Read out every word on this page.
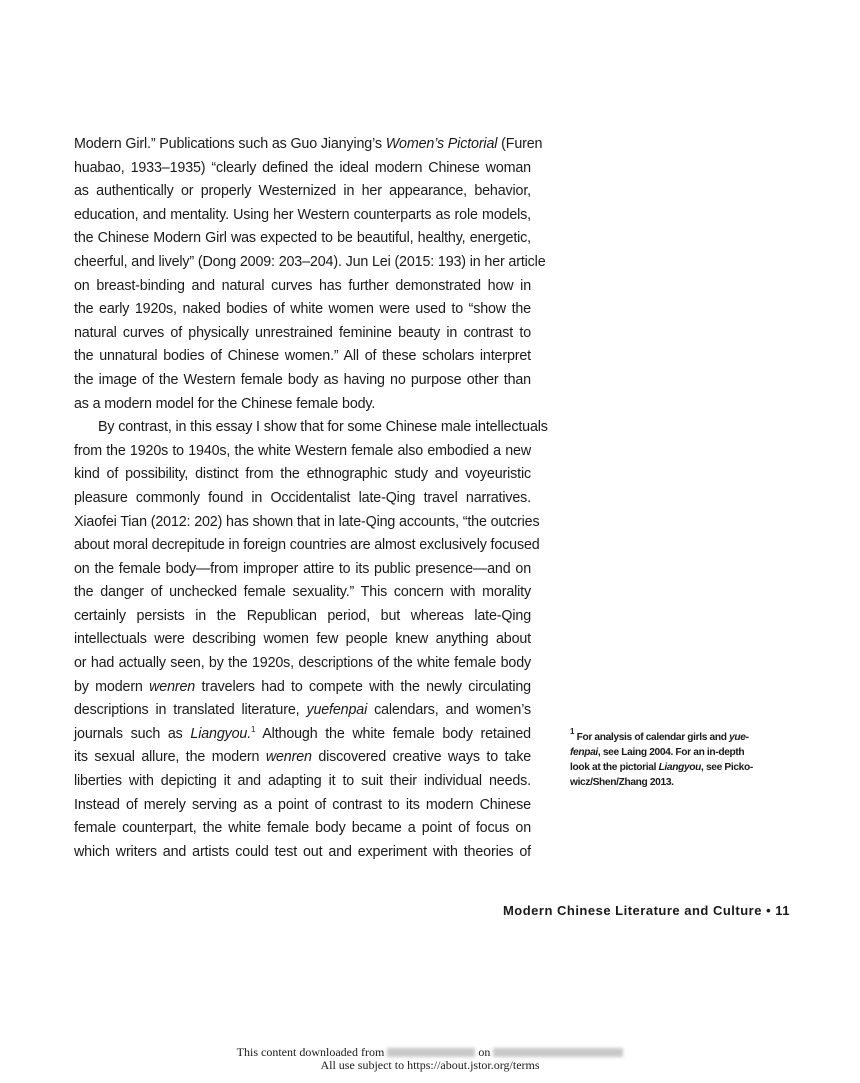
Modern Girl.” Publications such as Guo Jianying’s Women’s Pictorial (Furen
huabao, 1933–1935) “clearly defined the ideal modern Chinese woman
as authentically or properly Westernized in her appearance, behavior,
education, and mentality. Using her Western counterparts as role models,
the Chinese Modern Girl was expected to be beautiful, healthy, energetic,
cheerful, and lively” (Dong 2009: 203–204). Jun Lei (2015: 193) in her article
on breast-binding and natural curves has further demonstrated how in
the early 1920s, naked bodies of white women were used to “show the
natural curves of physically unrestrained feminine beauty in contrast to
the unnatural bodies of Chinese women.” All of these scholars interpret
the image of the Western female body as having no purpose other than
as a modern model for the Chinese female body.
By contrast, in this essay I show that for some Chinese male intellectuals
from the 1920s to 1940s, the white Western female also embodied a new
kind of possibility, distinct from the ethnographic study and voyeuristic
pleasure commonly found in Occidentalist late-Qing travel narratives.
Xiaofei Tian (2012: 202) has shown that in late-Qing accounts, “the outcries
about moral decrepitude in foreign countries are almost exclusively focused
on the female body—from improper attire to its public presence—and on
the danger of unchecked female sexuality.” This concern with morality
certainly persists in the Republican period, but whereas late-Qing
intellectuals were describing women few people knew anything about
or had actually seen, by the 1920s, descriptions of the white female body
by modern wenren travelers had to compete with the newly circulating
descriptions in translated literature, yuefenpai calendars, and women’s
journals such as Liangyou.$^1$ Although the white female body retained
its sexual allure, the modern wenren discovered creative ways to take
liberties with depicting it and adapting it to suit their individual needs.
Instead of merely serving as a point of contrast to its modern Chinese
female counterpart, the white female body became a point of focus on
which writers and artists could test out and experiment with theories of
$^1$ For analysis of calendar girls and yue-
fenpai, see Laing 2004. For an in-depth
look at the pictorial Liangyou, see Picko-
wicz/Shen/Zhang 2013.
Modern Chinese Literature and Culture • 11
This content downloaded from	on
All use subject to https://about.jstor.org/terms
